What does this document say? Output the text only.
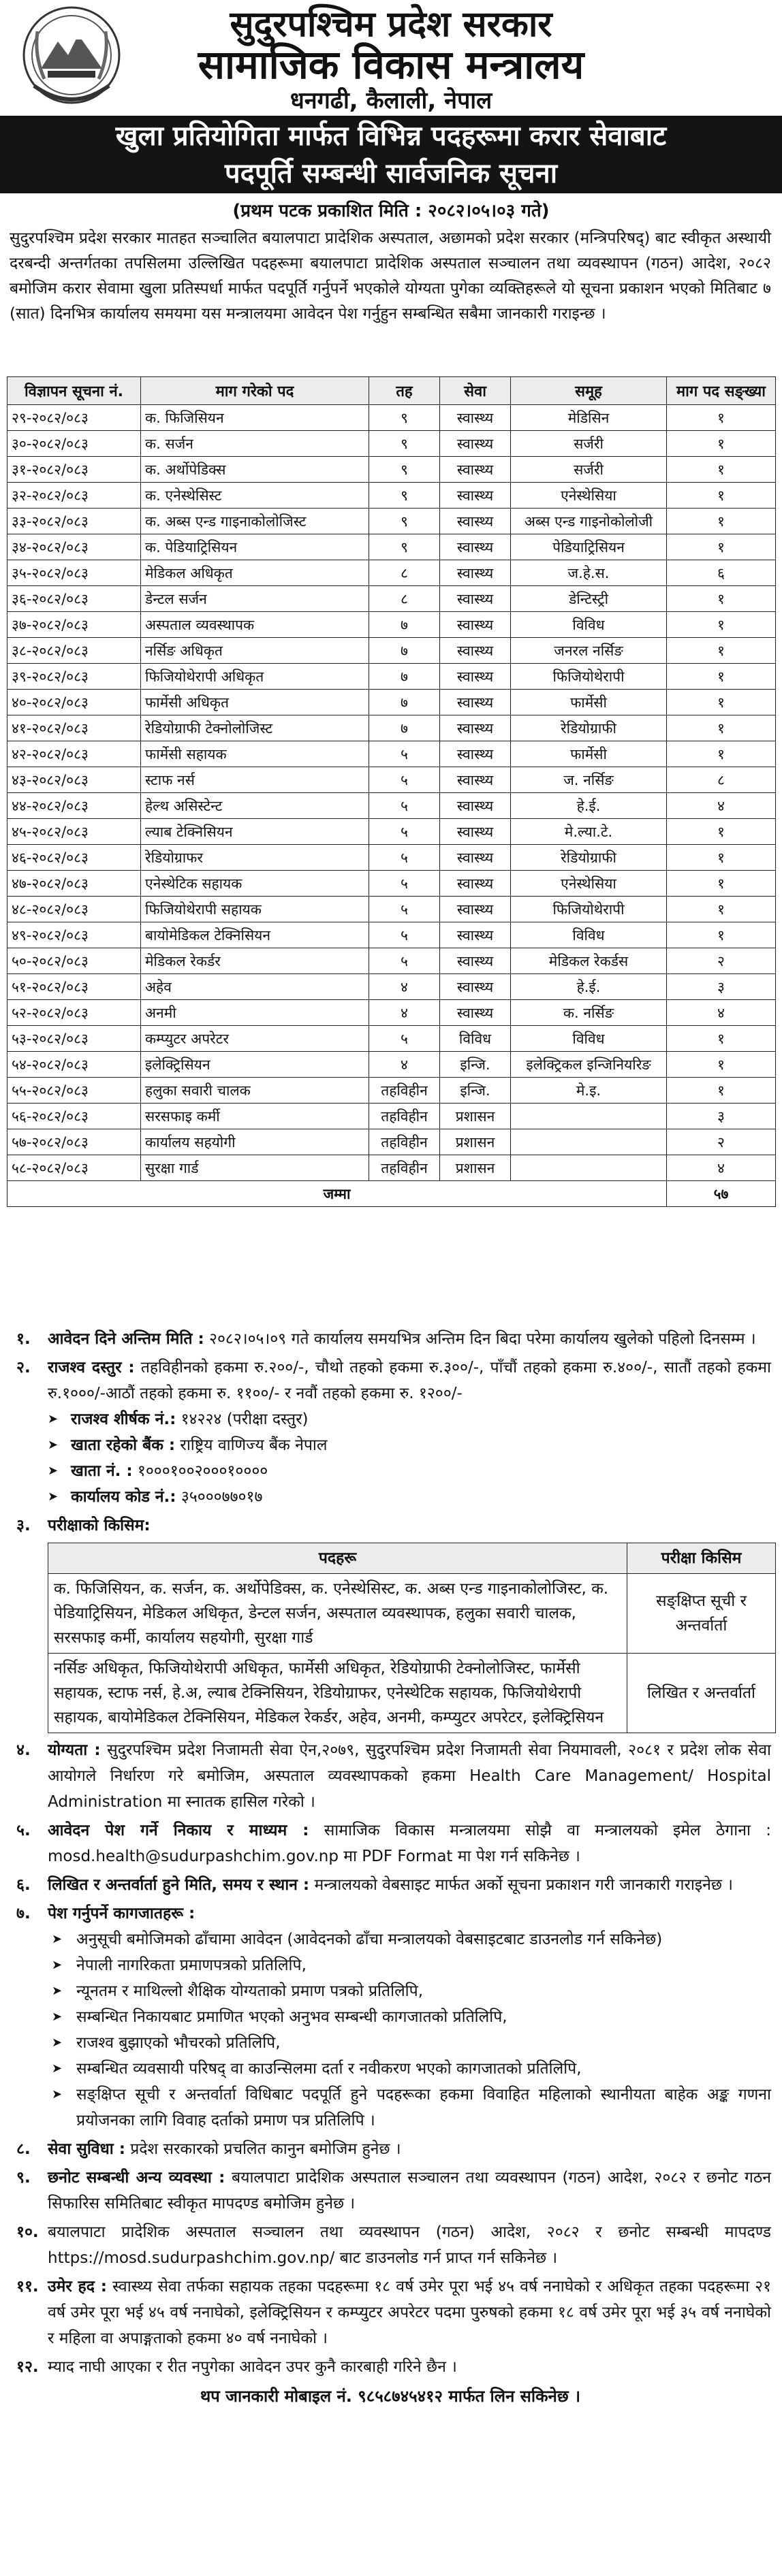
सुदुरपश्चिम प्रदेश सरकार
सामाजिक विकास मन्त्रालय
धनगढी, कैलाली, नेपाल
खुला प्रतियोगिता मार्फत विभिन्न पदहरूमा करार सेवाबाट
पदपूर्ति सम्बन्धी सार्वजनिक सूचना
(प्रथम पटक प्रकाशित मिति : २०८२।०५।०३ गते)
सुदुरपश्चिम प्रदेश सरकार मातहत सञ्चालित बयालपाटा प्रादेशिक अस्पताल, अछामको प्रदेश सरकार (मन्त्रिपरिषद्) बाट स्वीकृत अस्थायी दरबन्दी अन्तर्गतका तपसिलमा उल्लिखित पदहरूमा बयालपाटा प्रादेशिक अस्पताल सञ्चालन तथा व्यवस्थापन (गठन) आदेश, २०८२ बमोजिम करार सेवामा खुला प्रतिस्पर्धा मार्फत पदपूर्ति गर्नुपर्ने भएकोले योग्यता पुगेका व्यक्तिहरूले यो सूचना प्रकाशन भएको मितिबाट ७ (सात) दिनभित्र कार्यालय समयमा यस मन्त्रालयमा आवेदन पेश गर्नुहुन सम्बन्धित सबैमा जानकारी गराइन्छ ।
विज्ञापन सूचना नं.	माग गरेको पद	तह	सेवा	समूह	माग पद सङ्ख्या
२९-२०८२/०८३	क. फिजिसियन	९	स्वास्थ्य	मेडिसिन	१
३०-२०८२/०८३	क. सर्जन	९	स्वास्थ्य	सर्जरी	१
३१-२०८२/०८३	क. अर्थोपेडिक्स	९	स्वास्थ्य	सर्जरी	१
३२-२०८२/०८३	क. एनेस्थेसिस्ट	९	स्वास्थ्य	एनेस्थेसिया	१
३३-२०८२/०८३	क. अब्स एन्ड गाइनाकोलोजिस्ट	९	स्वास्थ्य	अब्स एन्ड गाइनोकोलोजी	१
३४-२०८२/०८३	क. पेडियाट्रिसियन	९	स्वास्थ्य	पेडियाट्रिसियन	१
३५-२०८२/०८३	मेडिकल अधिकृत	८	स्वास्थ्य	ज.हे.स.	६
३६-२०८२/०८३	डेन्टल सर्जन	८	स्वास्थ्य	डेन्टिस्ट्री	१
३७-२०८२/०८३	अस्पताल व्यवस्थापक	७	स्वास्थ्य	विविध	१
३८-२०८२/०८३	नर्सिङ अधिकृत	७	स्वास्थ्य	जनरल नर्सिङ	१
३९-२०८२/०८३	फिजियोथेरापी अधिकृत	७	स्वास्थ्य	फिजियोथेरापी	१
४०-२०८२/०८३	फार्मेसी अधिकृत	७	स्वास्थ्य	फार्मेसी	१
४१-२०८२/०८३	रेडियोग्राफी टेक्नोलोजिस्ट	७	स्वास्थ्य	रेडियोग्राफी	१
४२-२०८२/०८३	फार्मेसी सहायक	५	स्वास्थ्य	फार्मेसी	१
४३-२०८२/०८३	स्टाफ नर्स	५	स्वास्थ्य	ज. नर्सिङ	८
४४-२०८२/०८३	हेल्थ असिस्टेन्ट	५	स्वास्थ्य	हे.ई.	४
४५-२०८२/०८३	ल्याब टेक्निसियन	५	स्वास्थ्य	मे.ल्या.टे.	१
४६-२०८२/०८३	रेडियोग्राफर	५	स्वास्थ्य	रेडियोग्राफी	१
४७-२०८२/०८३	एनेस्थेटिक सहायक	५	स्वास्थ्य	एनेस्थेसिया	१
४८-२०८२/०८३	फिजियोथेरापी सहायक	५	स्वास्थ्य	फिजियोथेरापी	१
४९-२०८२/०८३	बायोमेडिकल टेक्निसियन	५	स्वास्थ्य	विविध	१
५०-२०८२/०८३	मेडिकल रेकर्डर	५	स्वास्थ्य	मेडिकल रेकर्डस	२
५१-२०८२/०८३	अहेव	४	स्वास्थ्य	हे.ई.	३
५२-२०८२/०८३	अनमी	४	स्वास्थ्य	क. नर्सिङ	४
५३-२०८२/०८३	कम्प्युटर अपरेटर	५	विविध	विविध	१
५४-२०८२/०८३	इलेक्ट्रिसियन	४	इन्जि.	इलेक्ट्रिकल इन्जिनियरिङ	१
५५-२०८२/०८३	हलुका सवारी चालक	तहविहीन	इन्जि.	मे.इ.	१
५६-२०८२/०८३	सरसफाइ कर्मी	तहविहीन	प्रशासन		३
५७-२०८२/०८३	कार्यालय सहयोगी	तहविहीन	प्रशासन		२
५८-२०८२/०८३	सुरक्षा गार्ड	तहविहीन	प्रशासन		४
जम्मा					५७
१. आवेदन दिने अन्तिम मिति : २०८२।०५।०९ गते कार्यालय समयभित्र अन्तिम दिन बिदा परेमा कार्यालय खुलेको पहिलो दिनसम्म ।
२. राजश्व दस्तुर : तहविहीनको हकमा रु.२००/-, चौथो तहको हकमा रु.३००/-, पाँचौं तहको हकमा रु.४००/-, सातौं तहको हकमा रु.१०००/-आठौं तहको हकमा रु. ११००/- र नवौं तहको हकमा रु. १२००/-
➤ राजश्व शीर्षक नं.: १४२२४ (परीक्षा दस्तुर)
➤ खाता रहेको बैंक : राष्ट्रिय वाणिज्य बैंक नेपाल
➤ खाता नं. : १०००१००२०००१००००
➤ कार्यालय कोड नं.: ३५०००७७०१७
३. परीक्षाको किसिम:
पदहरू	परीक्षा किसिम
क. फिजिसियन, क. सर्जन, क. अर्थोपेडिक्स, क. एनेस्थेसिस्ट, क. अब्स एन्ड गाइनाकोलोजिस्ट, क. पेडियाट्रिसियन, मेडिकल अधिकृत, डेन्टल सर्जन, अस्पताल व्यवस्थापक, हलुका सवारी चालक, सरसफाइ कर्मी, कार्यालय सहयोगी, सुरक्षा गार्ड	सङ्क्षिप्त सूची र अन्तर्वार्ता
नर्सिङ अधिकृत, फिजियोथेरापी अधिकृत, फार्मेसी अधिकृत, रेडियोग्राफी टेक्नोलोजिस्ट, फार्मेसी सहायक, स्टाफ नर्स, हे.अ, ल्याब टेक्निसियन, रेडियोग्राफर, एनेस्थेटिक सहायक, फिजियोथेरापी सहायक, बायोमेडिकल टेक्निसियन, मेडिकल रेकर्डर, अहेव, अनमी, कम्प्युटर अपरेटर, इलेक्ट्रिसियन	लिखित र अन्तर्वार्ता
४. योग्यता : सुदुरपश्चिम प्रदेश निजामती सेवा ऐन,२०७९, सुदुरपश्चिम प्रदेश निजामती सेवा नियमावली, २०८१ र प्रदेश लोक सेवा आयोगले निर्धारण गरे बमोजिम, अस्पताल व्यवस्थापकको हकमा Health Care Management/ Hospital Administration मा स्नातक हासिल गरेको ।
५. आवेदन पेश गर्ने निकाय र माध्यम : सामाजिक विकास मन्त्रालयमा सोझै वा मन्त्रालयको इमेल ठेगाना : mosd.health@sudurpashchim.gov.np मा PDF Format मा पेश गर्न सकिनेछ ।
६. लिखित र अन्तर्वार्ता हुने मिति, समय र स्थान : मन्त्रालयको वेबसाइट मार्फत अर्को सूचना प्रकाशन गरी जानकारी गराइनेछ ।
७. पेश गर्नुपर्ने कागजातहरू :
➤ अनुसूची बमोजिमको ढाँचामा आवेदन (आवेदनको ढाँचा मन्त्रालयको वेबसाइटबाट डाउनलोड गर्न सकिनेछ)
➤ नेपाली नागरिकता प्रमाणपत्रको प्रतिलिपि,
➤ न्यूनतम र माथिल्लो शैक्षिक योग्यताको प्रमाण पत्रको प्रतिलिपि,
➤ सम्बन्धित निकायबाट प्रमाणित भएको अनुभव सम्बन्धी कागजातको प्रतिलिपि,
➤ राजश्व बुझाएको भौचरको प्रतिलिपि,
➤ सम्बन्धित व्यवसायी परिषद् वा काउन्सिलमा दर्ता र नवीकरण भएको कागजातको प्रतिलिपि,
➤ सङ्क्षिप्त सूची र अन्तर्वार्ता विधिबाट पदपूर्ति हुने पदहरूका हकमा विवाहित महिलाको स्थानीयता बाहेक अङ्क गणना प्रयोजनका लागि विवाह दर्ताको प्रमाण पत्र प्रतिलिपि ।
८. सेवा सुविधा : प्रदेश सरकारको प्रचलित कानुन बमोजिम हुनेछ ।
९. छनोट सम्बन्धी अन्य व्यवस्था : बयालपाटा प्रादेशिक अस्पताल सञ्चालन तथा व्यवस्थापन (गठन) आदेश, २०८२ र छनोट गठन सिफारिस समितिबाट स्वीकृत मापदण्ड बमोजिम हुनेछ ।
१०. बयालपाटा प्रादेशिक अस्पताल सञ्चालन तथा व्यवस्थापन (गठन) आदेश, २०८२ र छनोट सम्बन्धी मापदण्ड https://mosd.sudurpashchim.gov.np/ बाट डाउनलोड गर्न प्राप्त गर्न सकिनेछ ।
११. उमेर हद : स्वास्थ्य सेवा तर्फका सहायक तहका पदहरूमा १८ वर्ष उमेर पूरा भई ४५ वर्ष ननाघेको र अधिकृत तहका पदहरूमा २१ वर्ष उमेर पूरा भई ४५ वर्ष ननाघेको, इलेक्ट्रिसियन र कम्प्युटर अपरेटर पदमा पुरुषको हकमा १८ वर्ष उमेर पूरा भई ३५ वर्ष ननाघेको र महिला वा अपाङ्गताको हकमा ४० वर्ष ननाघेको ।
१२. म्याद नाघी आएका र रीत नपुगेका आवेदन उपर कुनै कारबाही गरिने छैन ।
थप जानकारी मोबाइल नं. ९८५८७४५४१२ मार्फत लिन सकिनेछ ।
